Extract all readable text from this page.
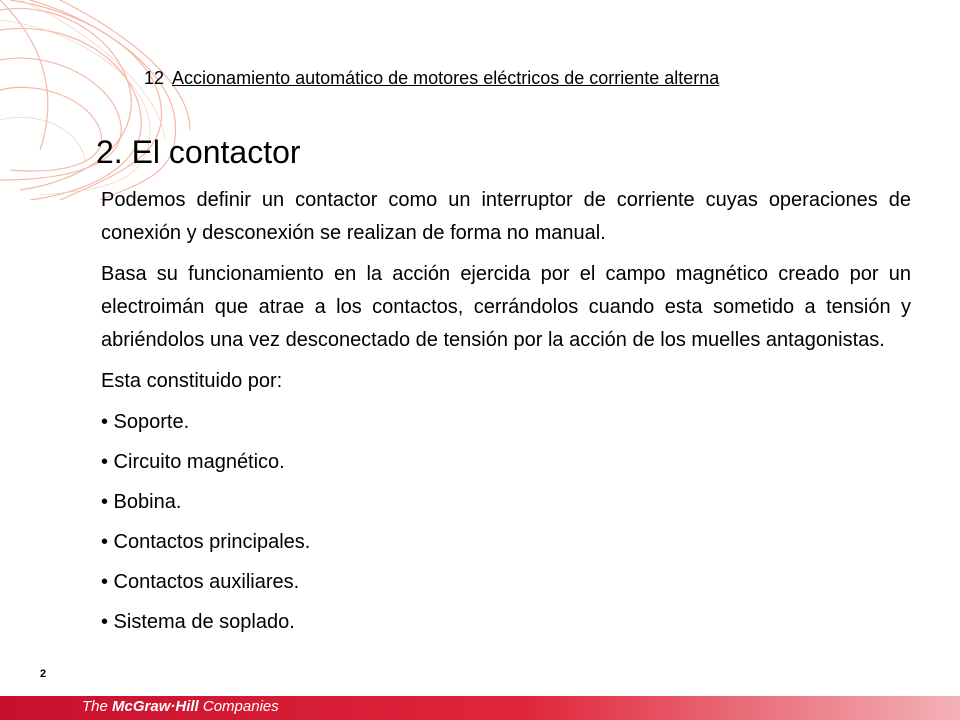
12 Accionamiento automático de motores eléctricos de corriente alterna
2. El contactor

Podemos definir un contactor como un interruptor de corriente cuyas operaciones de conexión y desconexión se realizan de forma no manual.

Basa su funcionamiento en la acción ejercida por el campo magnético creado por un electroimán que atrae a los contactos, cerrándolos cuando esta sometido a tensión y abriéndolos una vez desconectado de tensión por la acción de los muelles antagonistas.

Esta constituido por:

• Soporte.
• Circuito magnético.
• Bobina.
• Contactos principales.
• Contactos auxiliares.
• Sistema de soplado.
2
The McGraw·Hill Companies
